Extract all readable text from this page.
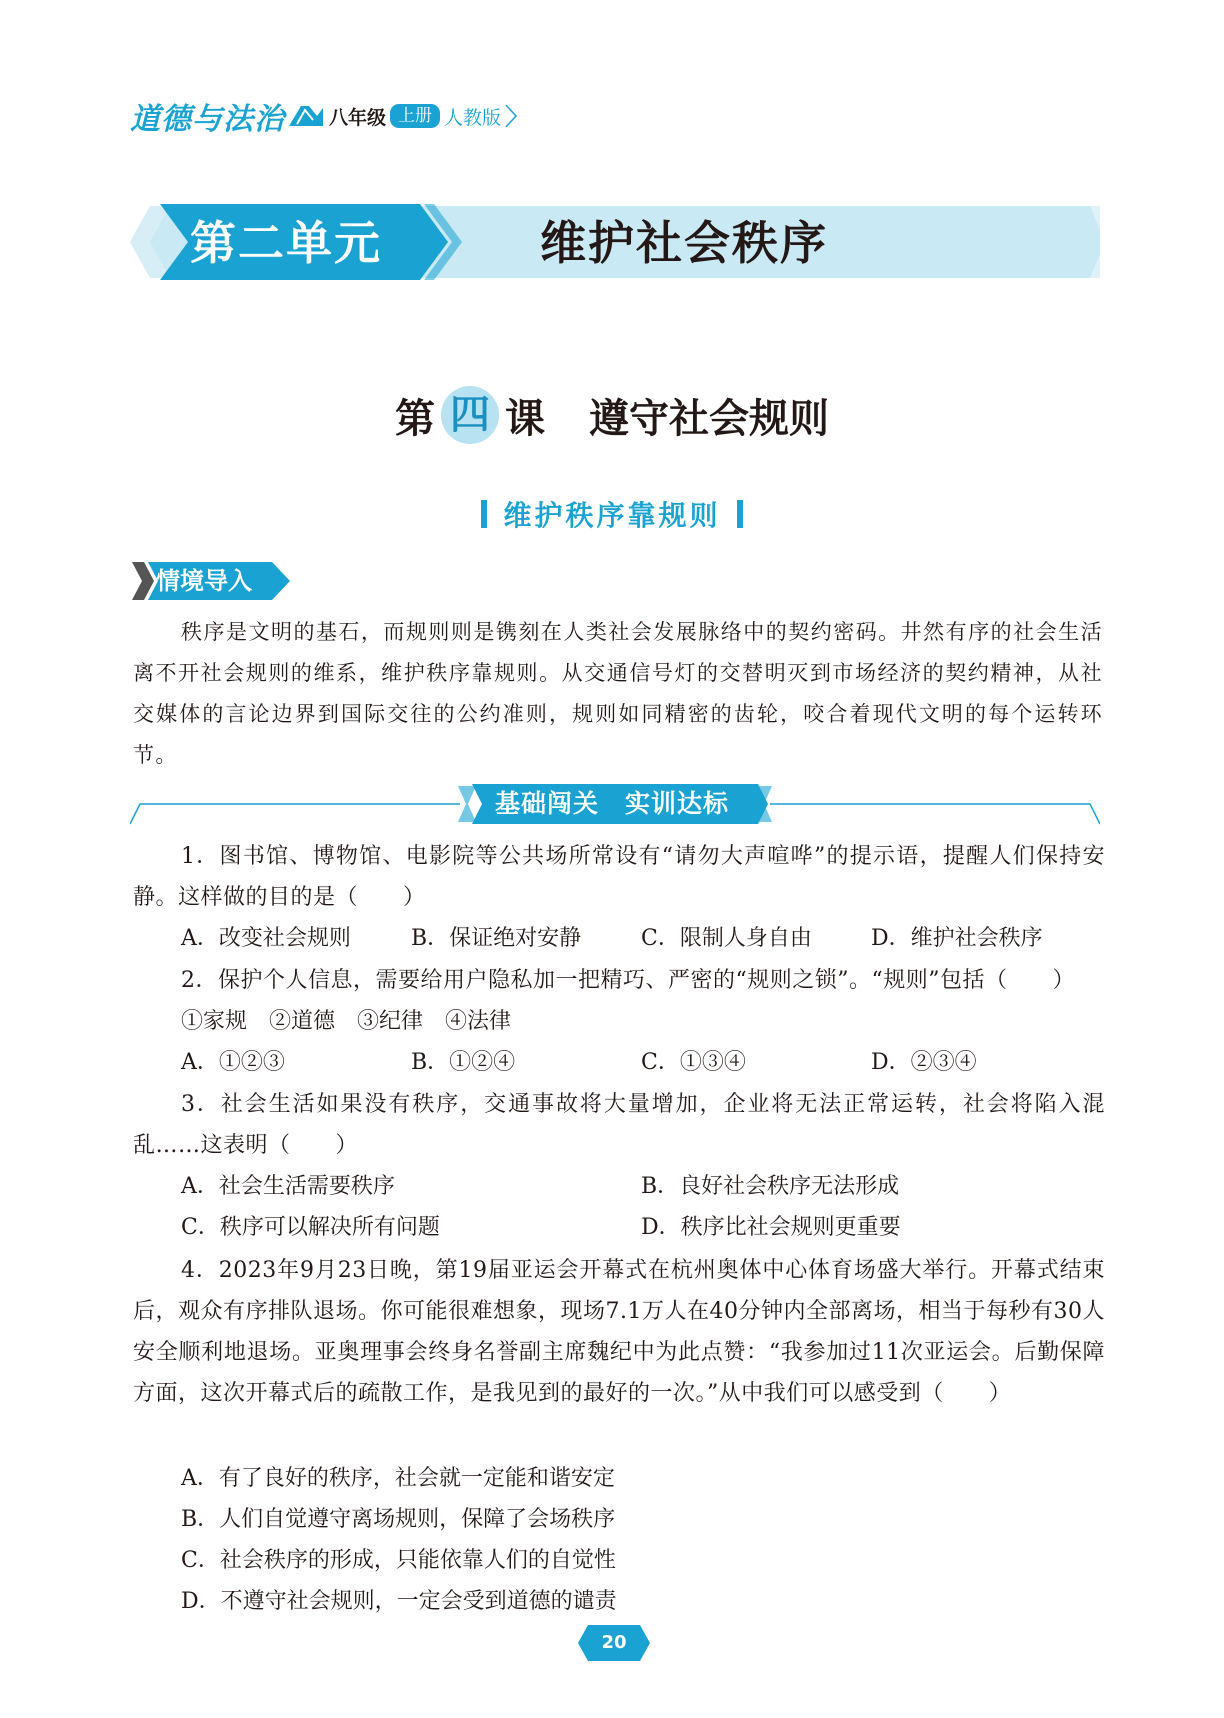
道德与法治 八年级 上册 人教版
第二单元	维护社会秩序
第 四 课 遵守社会规则
维护秩序靠规则
情境导入

秩序是文明的基石，而规则则是镌刻在人类社会发展脉络中的契约密码。井然有序的社会生活离不开社会规则的维系，维护秩序靠规则。从交通信号灯的交替明灭到市场经济的契约精神，从社交媒体的言论边界到国际交往的公约准则，规则如同精密的齿轮，咬合着现代文明的每个运转环节。

基础闯关　实训达标

1．图书馆、博物馆、电影院等公共场所常设有“请勿大声喧哗”的提示语，提醒人们保持安静。这样做的目的是（　　）

A．改变社会规则	B．保证绝对安静	C．限制人身自由	D．维护社会秩序

2．保护个人信息，需要给用户隐私加一把精巧、严密的“规则之锁”。“规则”包括（　　）

①家规　②道德　③纪律　④法律
A．①②③	B．①②④	C．①③④	D．②③④

3．社会生活如果没有秩序，交通事故将大量增加，企业将无法正常运转，社会将陷入混乱……这表明（　　）

A．社会生活需要秩序	B．良好社会秩序无法形成
C．秩序可以解决所有问题	D．秩序比社会规则更重要

4．2023年9月23日晚，第19届亚运会开幕式在杭州奥体中心体育场盛大举行。开幕式结束后，观众有序排队退场。你可能很难想象，现场7.1万人在40分钟内全部离场，相当于每秒有30人安全顺利地退场。亚奥理事会终身名誉副主席魏纪中为此点赞：“我参加过11次亚运会。后勤保障方面，这次开幕式后的疏散工作，是我见到的最好的一次。”从中我们可以感受到（　　）

A．有了良好的秩序，社会就一定能和谐安定
B．人们自觉遵守离场规则，保障了会场秩序
C．社会秩序的形成，只能依靠人们的自觉性
D．不遵守社会规则，一定会受到道德的谴责
20
